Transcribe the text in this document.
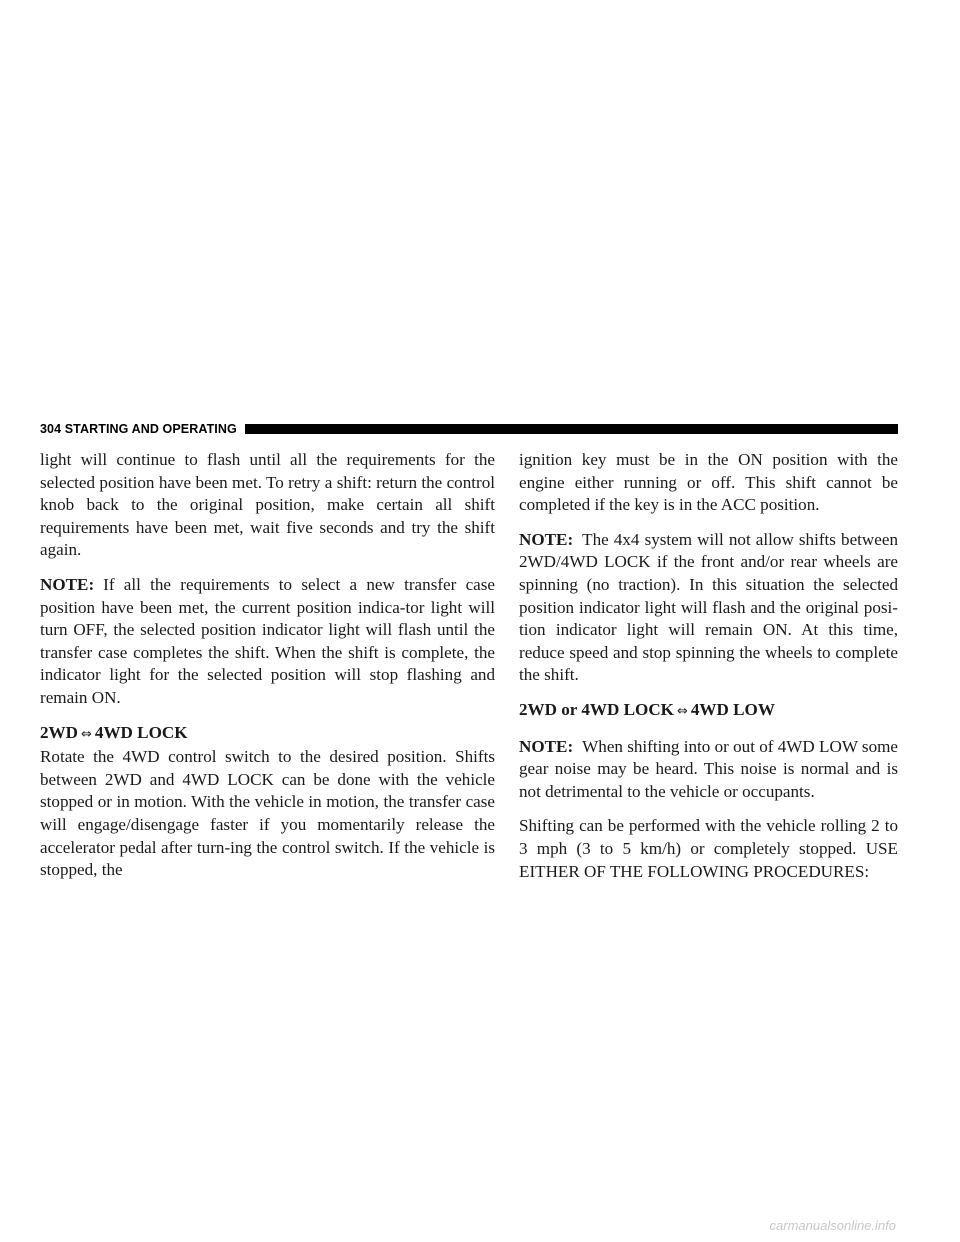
304 STARTING AND OPERATING

light will continue to flash until all the requirements for the selected position have been met. To retry a shift: return the control knob back to the original position, make certain all shift requirements have been met, wait five seconds and try the shift again.

NOTE: If all the requirements to select a new transfer case position have been met, the current position indica-tor light will turn OFF, the selected position indicator light will flash until the transfer case completes the shift. When the shift is complete, the indicator light for the selected position will stop flashing and remain ON.

2WD ⇔ 4WD LOCK

Rotate the 4WD control switch to the desired position. Shifts between 2WD and 4WD LOCK can be done with the vehicle stopped or in motion. With the vehicle in motion, the transfer case will engage/disengage faster if you momentarily release the accelerator pedal after turn-ing the control switch. If the vehicle is stopped, the

ignition key must be in the ON position with the engine either running or off. This shift cannot be completed if the key is in the ACC position.

NOTE: The 4x4 system will not allow shifts between 2WD/4WD LOCK if the front and/or rear wheels are spinning (no traction). In this situation the selected position indicator light will flash and the original posi-tion indicator light will remain ON. At this time, reduce speed and stop spinning the wheels to complete the shift.

2WD or 4WD LOCK ⇔ 4WD LOW

NOTE: When shifting into or out of 4WD LOW some gear noise may be heard. This noise is normal and is not detrimental to the vehicle or occupants.

Shifting can be performed with the vehicle rolling 2 to 3 mph (3 to 5 km/h) or completely stopped. USE EITHER OF THE FOLLOWING PROCEDURES:

carmanualsonline.info
